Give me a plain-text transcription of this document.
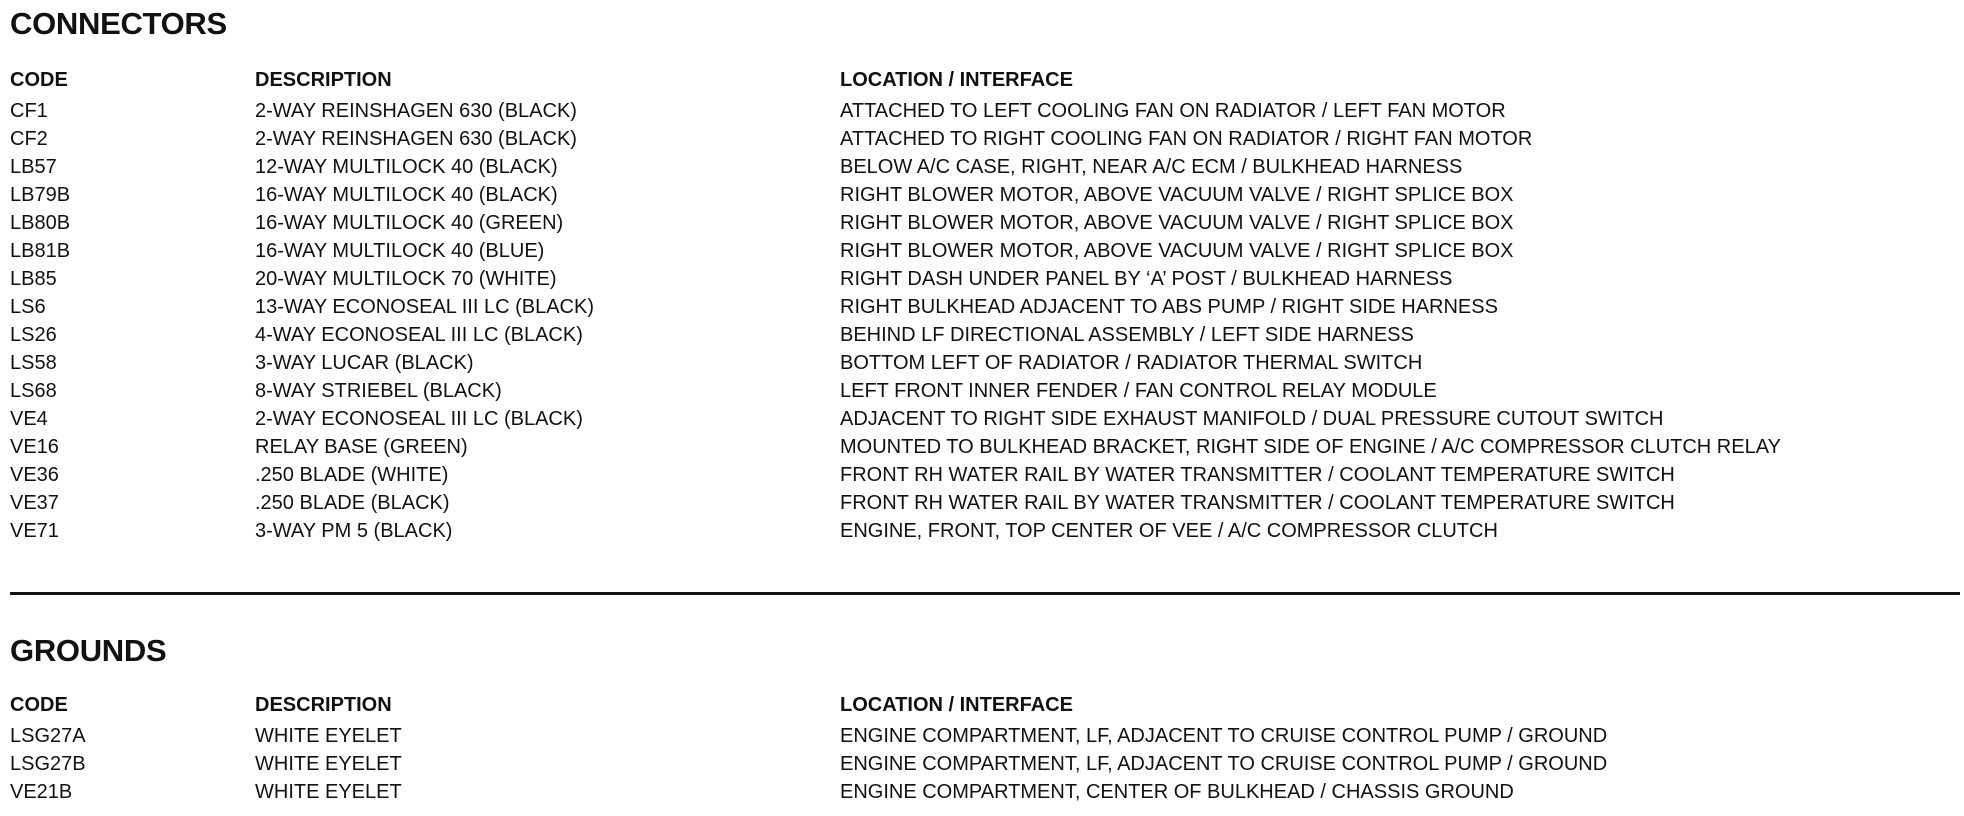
CONNECTORS
CODE	DESCRIPTION	LOCATION / INTERFACE
CF1	2-WAY REINSHAGEN 630 (BLACK)	ATTACHED TO LEFT COOLING FAN ON RADIATOR / LEFT FAN MOTOR
CF2	2-WAY REINSHAGEN 630 (BLACK)	ATTACHED TO RIGHT COOLING FAN ON RADIATOR / RIGHT FAN MOTOR
LB57	12-WAY MULTILOCK 40 (BLACK)	BELOW A/C CASE, RIGHT, NEAR A/C ECM / BULKHEAD HARNESS
LB79B	16-WAY MULTILOCK 40 (BLACK)	RIGHT BLOWER MOTOR, ABOVE VACUUM VALVE / RIGHT SPLICE BOX
LB80B	16-WAY MULTILOCK 40 (GREEN)	RIGHT BLOWER MOTOR, ABOVE VACUUM VALVE / RIGHT SPLICE BOX
LB81B	16-WAY MULTILOCK 40 (BLUE)	RIGHT BLOWER MOTOR, ABOVE VACUUM VALVE / RIGHT SPLICE BOX
LB85	20-WAY MULTILOCK 70 (WHITE)	RIGHT DASH UNDER PANEL BY ‘A’ POST / BULKHEAD HARNESS
LS6	13-WAY ECONOSEAL III LC (BLACK)	RIGHT BULKHEAD ADJACENT TO ABS PUMP / RIGHT SIDE HARNESS
LS26	4-WAY ECONOSEAL III LC (BLACK)	BEHIND LF DIRECTIONAL ASSEMBLY / LEFT SIDE HARNESS
LS58	3-WAY LUCAR (BLACK)	BOTTOM LEFT OF RADIATOR / RADIATOR THERMAL SWITCH
LS68	8-WAY STRIEBEL (BLACK)	LEFT FRONT INNER FENDER / FAN CONTROL RELAY MODULE
VE4	2-WAY ECONOSEAL III LC (BLACK)	ADJACENT TO RIGHT SIDE EXHAUST MANIFOLD / DUAL PRESSURE CUTOUT SWITCH
VE16	RELAY BASE (GREEN)	MOUNTED TO BULKHEAD BRACKET, RIGHT SIDE OF ENGINE / A/C COMPRESSOR CLUTCH RELAY
VE36	.250 BLADE (WHITE)	FRONT RH WATER RAIL BY WATER TRANSMITTER / COOLANT TEMPERATURE SWITCH
VE37	.250 BLADE (BLACK)	FRONT RH WATER RAIL BY WATER TRANSMITTER / COOLANT TEMPERATURE SWITCH
VE71	3-WAY PM 5 (BLACK)	ENGINE, FRONT, TOP CENTER OF VEE / A/C COMPRESSOR CLUTCH
GROUNDS
CODE	DESCRIPTION	LOCATION / INTERFACE
LSG27A	WHITE EYELET	ENGINE COMPARTMENT, LF, ADJACENT TO CRUISE CONTROL PUMP / GROUND
LSG27B	WHITE EYELET	ENGINE COMPARTMENT, LF, ADJACENT TO CRUISE CONTROL PUMP / GROUND
VE21B	WHITE EYELET	ENGINE COMPARTMENT, CENTER OF BULKHEAD / CHASSIS GROUND
